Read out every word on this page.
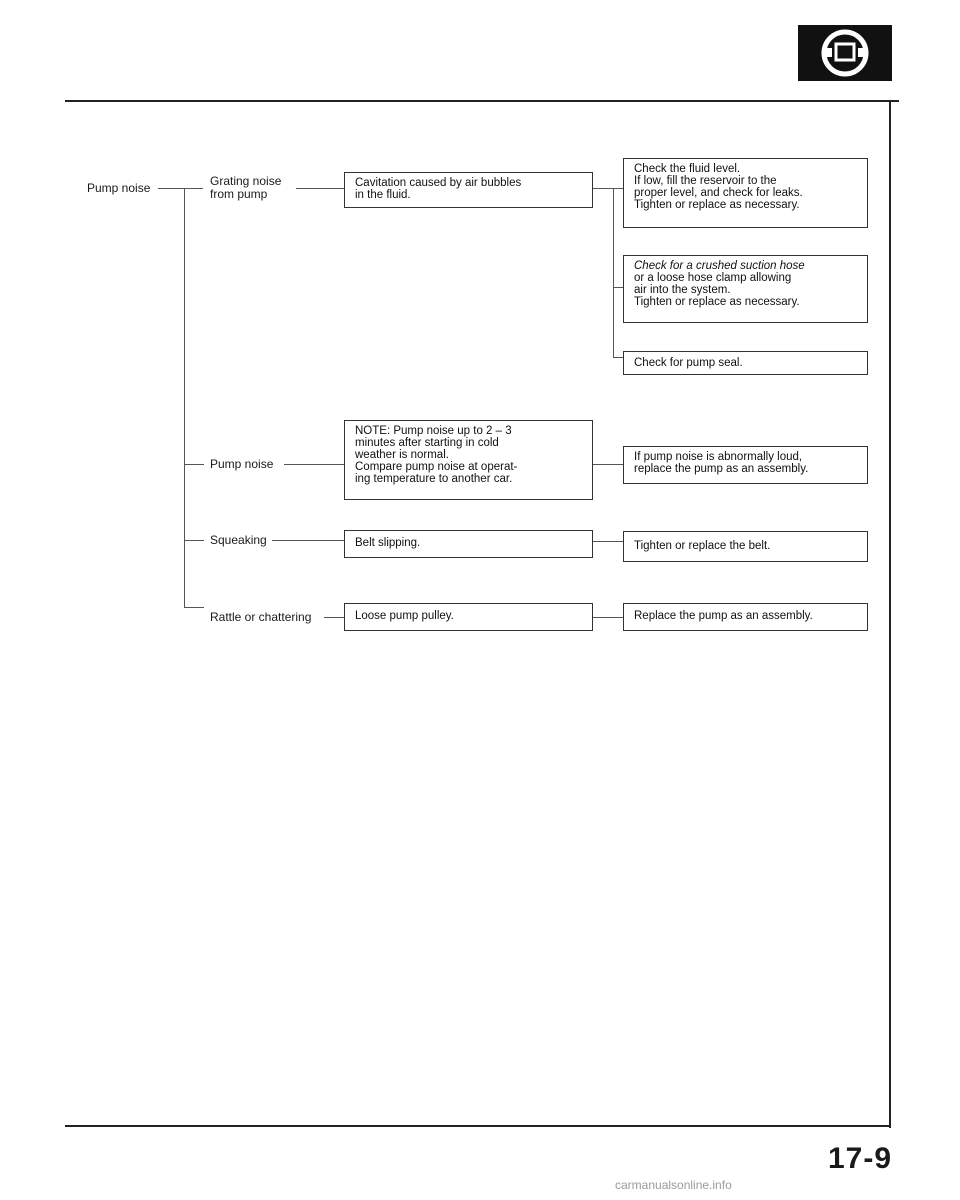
Pump noise	Grating noise
from pump
Pump noise
Squeaking
Rattle or chattering
Cavitation caused by air bubbles
in the fluid.
NOTE: Pump noise up to 2 – 3
minutes after starting in cold
weather is normal.
Compare pump noise at operat-
ing temperature to another car.
Belt slipping.
Loose pump pulley.
Check the fluid level.
If low, fill the reservoir to the
proper level, and check for leaks.
Tighten or replace as necessary.
Check for a crushed suction hose
or a loose hose clamp allowing
air into the system.
Tighten or replace as necessary.
Check for pump seal.
If pump noise is abnormally loud,
replace the pump as an assembly.
Tighten or replace the belt.
Replace the pump as an assembly.
17-9
carmanualsonline.info
